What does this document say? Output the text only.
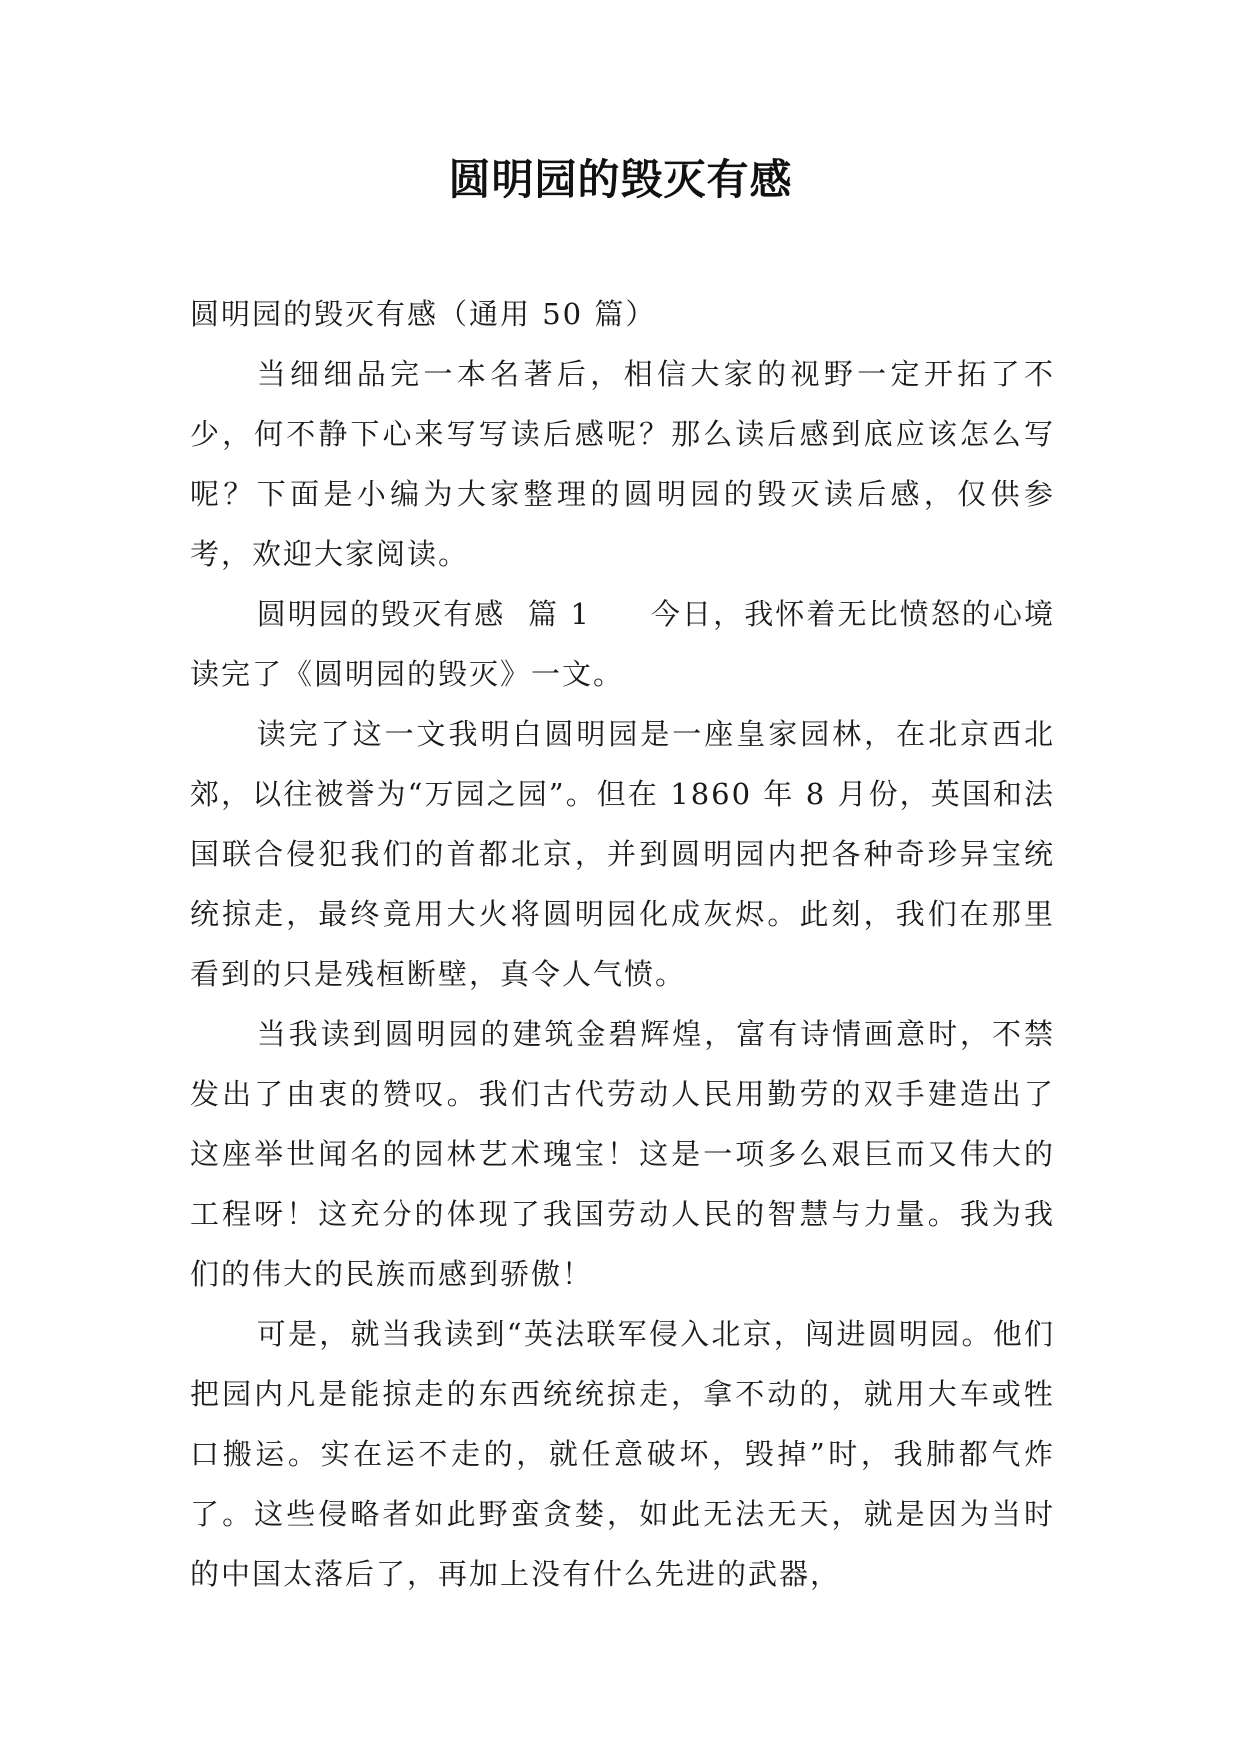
圆明园的毁灭有感

圆明园的毁灭有感（通用 50 篇）

当细细品完一本名著后，相信大家的视野一定开拓了不少，何不静下心来写写读后感呢？那么读后感到底应该怎么写呢？下面是小编为大家整理的圆明园的毁灭读后感，仅供参考，欢迎大家阅读。

圆明园的毁灭有感  篇 1 今日，我怀着无比愤怒的心境读完了《圆明园的毁灭》一文。

读完了这一文我明白圆明园是一座皇家园林，在北京西北郊，以往被誉为“万园之园”。但在 1860 年 8 月份，英国和法国联合侵犯我们的首都北京，并到圆明园内把各种奇珍异宝统统掠走，最终竟用大火将圆明园化成灰烬。此刻，我们在那里看到的只是残桓断壁，真令人气愤。

当我读到圆明园的建筑金碧辉煌，富有诗情画意时，不禁发出了由衷的赞叹。我们古代劳动人民用勤劳的双手建造出了这座举世闻名的园林艺术瑰宝！这是一项多么艰巨而又伟大的工程呀！这充分的体现了我国劳动人民的智慧与力量。我为我们的伟大的民族而感到骄傲！

可是，就当我读到“英法联军侵入北京，闯进圆明园。他们把园内凡是能掠走的东西统统掠走，拿不动的，就用大车或牲口搬运。实在运不走的，就任意破坏，毁掉”时，我肺都气炸了。这些侵略者如此野蛮贪婪，如此无法无天，就是因为当时的中国太落后了，再加上没有什么先进的武器，
